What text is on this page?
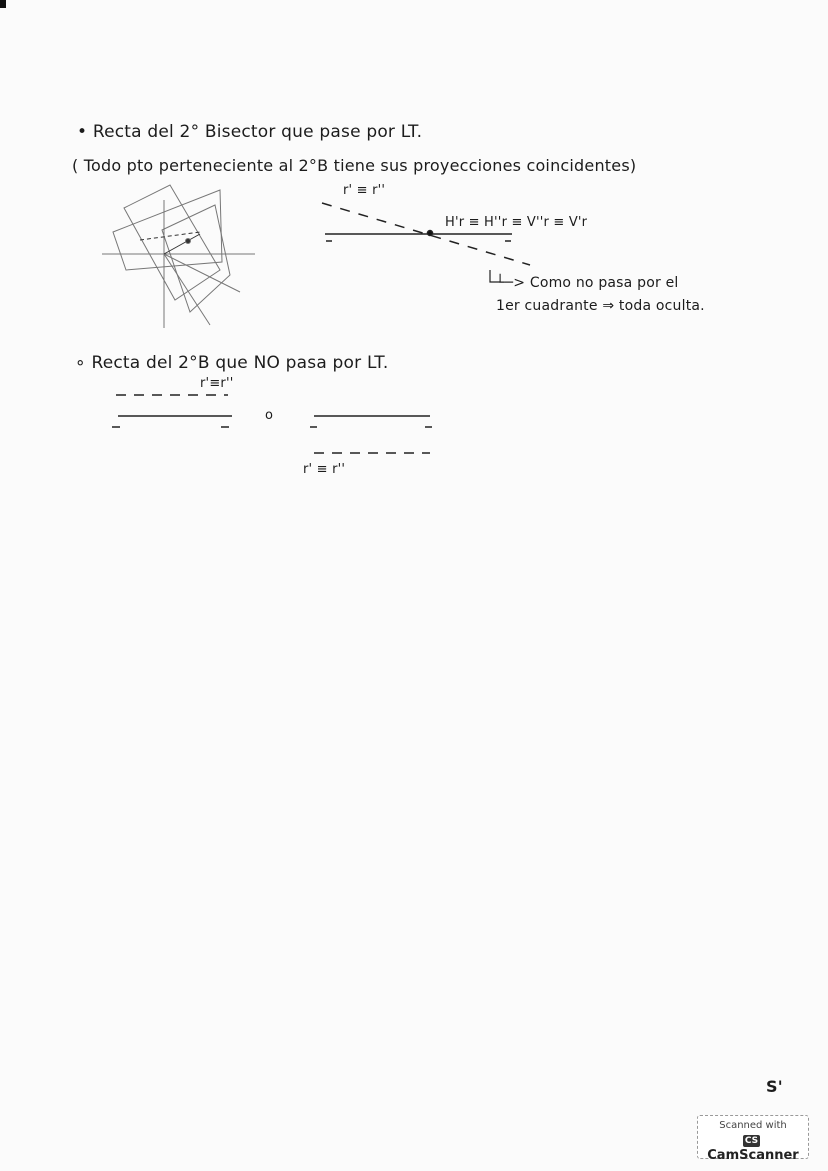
• Recta del 2° Bisector que pase por LT.
( Todo pto perteneciente al 2°B tiene sus proyecciones coincidentes)
r' ≡ r''
H'r ≡ H''r ≡ V''r ≡ V'r
└─> Como no pasa por el
1er cuadrante ⇒ toda oculta.
∘ Recta del 2°B que NO pasa por LT.
r'≡r''
o
r' ≡ r''
S'
Scanned with
CSCamScanner
